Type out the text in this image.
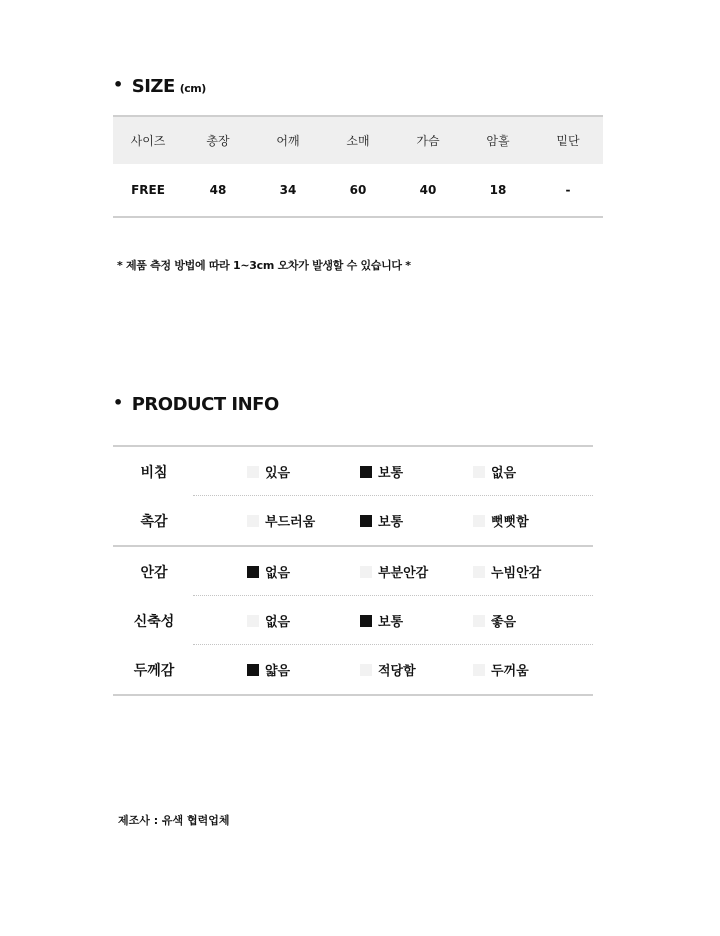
• SIZE (cm)
사이즈	총장	어깨	소매	가슴	암홀	밑단
FREE	48	34	60	40	18	-
* 제품 측정 방법에 따라 1~3cm 오차가 발생할 수 있습니다 *
• PRODUCT INFO
비침	있음	보통	없음
촉감	부드러움	보통	뻣뻣함
안감	없음	부분안감	누빔안감
신축성	없음	보통	좋음
두께감	얇음	적당함	두꺼움
제조사 : 유색 협력업체
